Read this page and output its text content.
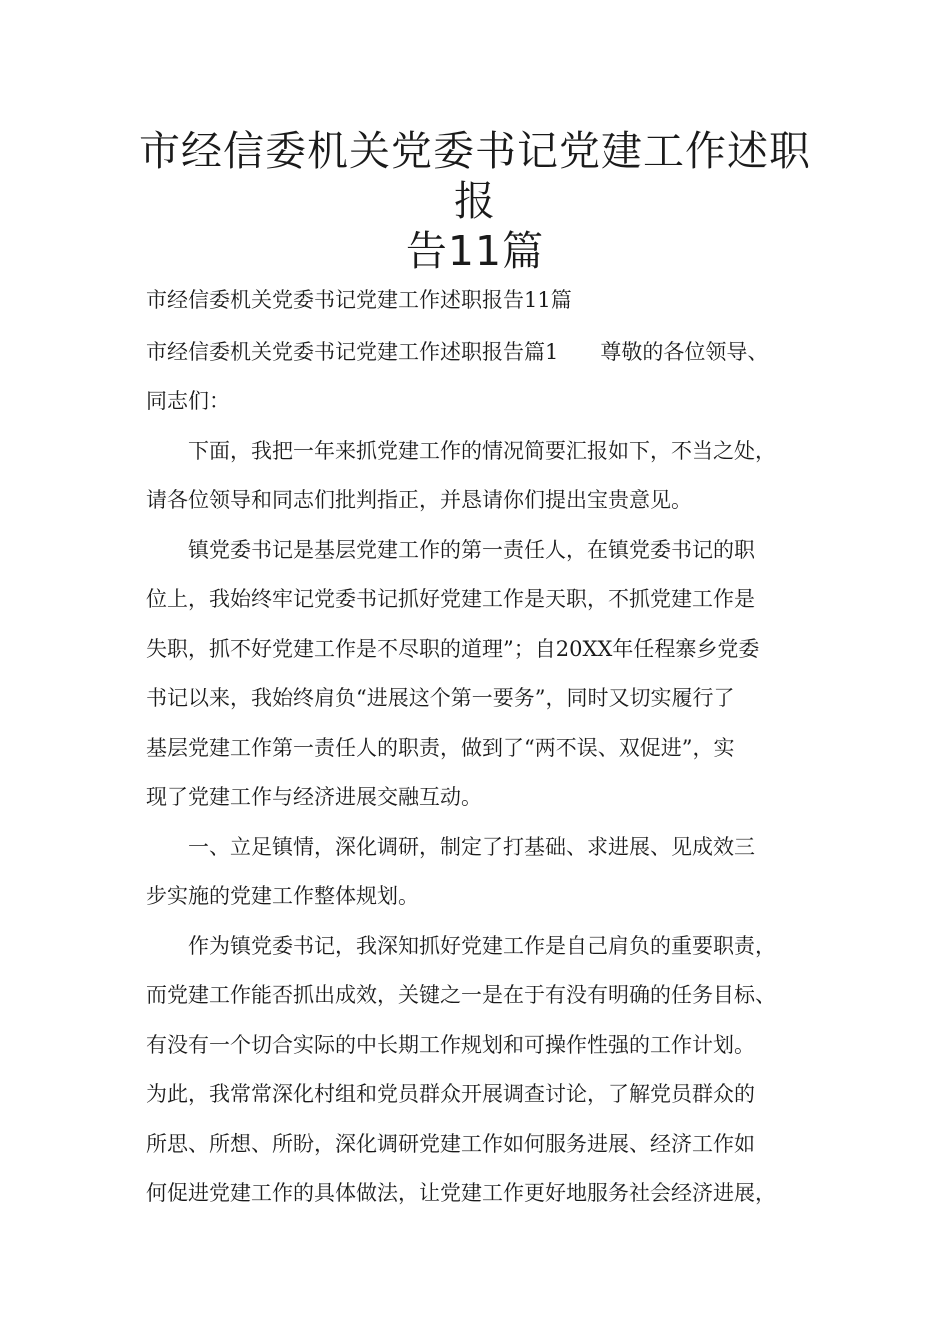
市经信委机关党委书记党建工作述职报
告11篇
市经信委机关党委书记党建工作述职报告11篇
市经信委机关党委书记党建工作述职报告篇1　　尊敬的各位领导、
同志们：
　　下面，我把一年来抓党建工作的情况简要汇报如下，不当之处，
请各位领导和同志们批判指正，并恳请你们提出宝贵意见。
　　镇党委书记是基层党建工作的第一责任人，在镇党委书记的职
位上，我始终牢记党委书记抓好党建工作是天职，不抓党建工作是
失职，抓不好党建工作是不尽职的道理”；自20XX年任程寨乡党委
书记以来，我始终肩负“进展这个第一要务”，同时又切实履行了
基层党建工作第一责任人的职责，做到了“两不误、双促进”，实
现了党建工作与经济进展交融互动。
　　一、立足镇情，深化调研，制定了打基础、求进展、见成效三
步实施的党建工作整体规划。
　　作为镇党委书记，我深知抓好党建工作是自己肩负的重要职责，
而党建工作能否抓出成效，关键之一是在于有没有明确的任务目标、
有没有一个切合实际的中长期工作规划和可操作性强的工作计划。
为此，我常常深化村组和党员群众开展调查讨论，了解党员群众的
所思、所想、所盼，深化调研党建工作如何服务进展、经济工作如
何促进党建工作的具体做法，让党建工作更好地服务社会经济进展，
